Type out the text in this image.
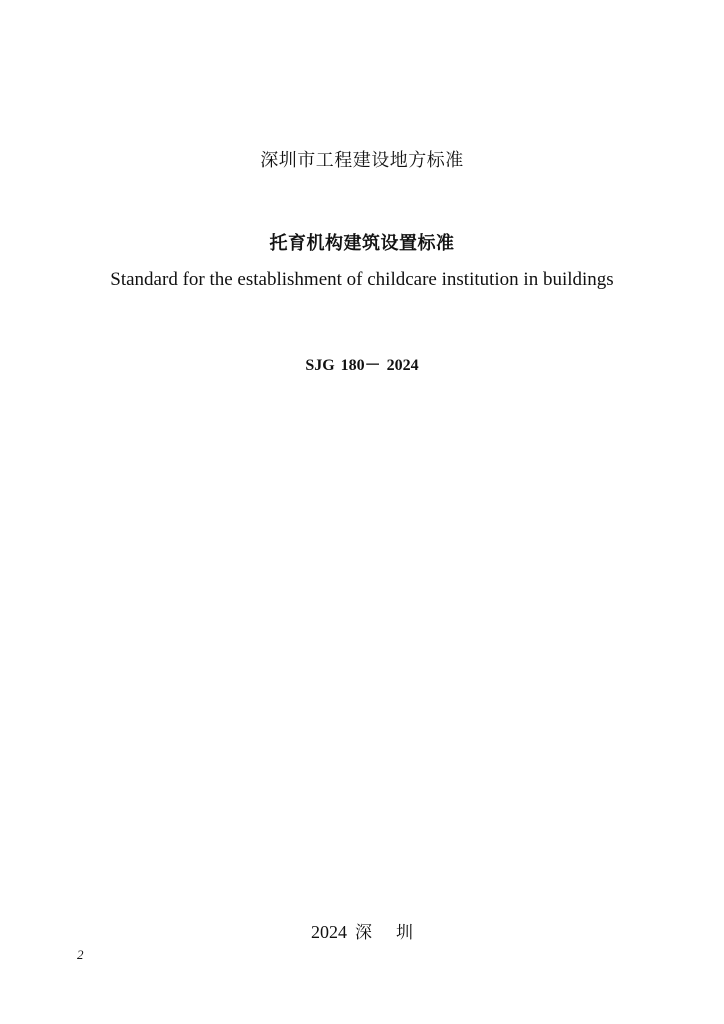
深圳市工程建设地方标准
托育机构建筑设置标准
Standard for the establishment of childcare institution in buildings
SJG 180－ 2024
2024 深 圳
2
